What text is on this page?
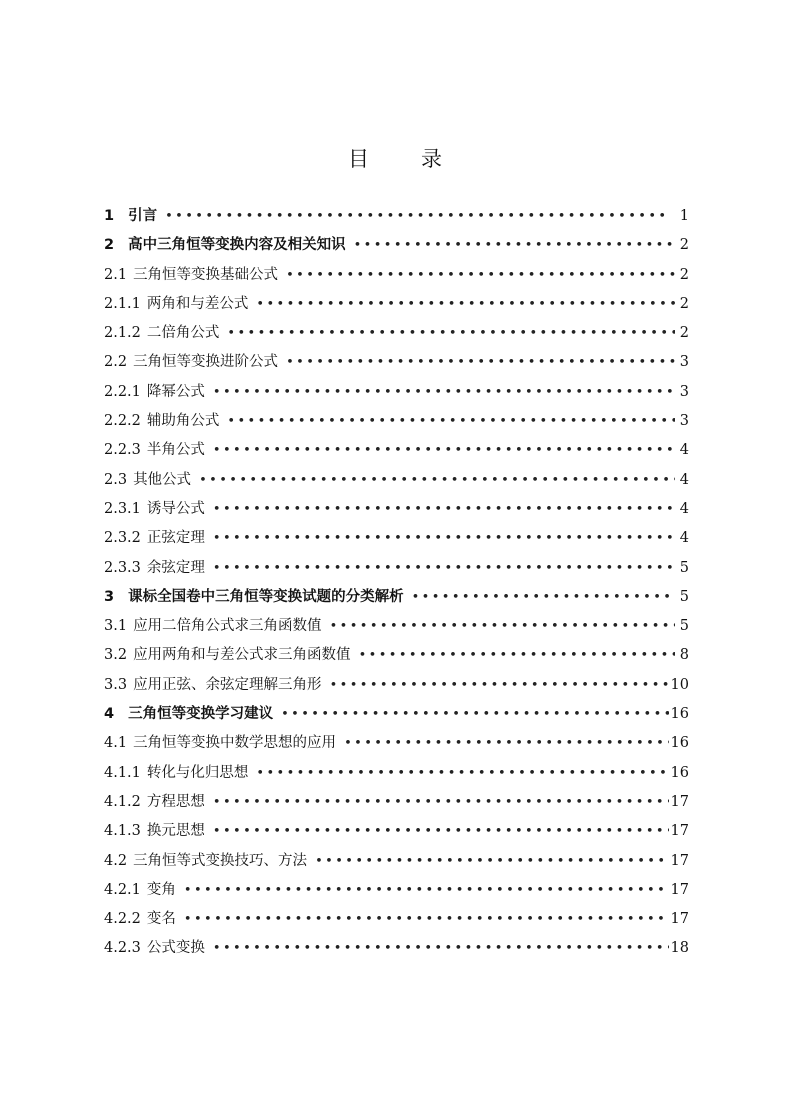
目 录
1 引言 •••••	1
2 高中三角恒等变换内容及相关知识 •••••	2
2.1 三角恒等变换基础公式 •••••	2
2.1.1 两角和与差公式 •••••	2
2.1.2 二倍角公式 •••••	2
2.2 三角恒等变换进阶公式 •••••	3
2.2.1 降幂公式 •••••	3
2.2.2 辅助角公式 •••••	3
2.2.3 半角公式 •••••	4
2.3 其他公式 •••••	4
2.3.1 诱导公式 •••••	4
2.3.2 正弦定理 •••••	4
2.3.3 余弦定理 •••••	5
3 课标全国卷中三角恒等变换试题的分类解析 •••••	5
3.1 应用二倍角公式求三角函数值 •••••	5
3.2 应用两角和与差公式求三角函数值 •••••	8
3.3 应用正弦、余弦定理解三角形 •••••	10
4 三角恒等变换学习建议 •••••	16
4.1 三角恒等变换中数学思想的应用 •••••	16
4.1.1 转化与化归思想 •••••	16
4.1.2 方程思想 •••••	17
4.1.3 换元思想 •••••	17
4.2 三角恒等式变换技巧、方法 •••••	17
4.2.1 变角 •••••	17
4.2.2 变名 •••••	17
4.2.3 公式变换 •••••	18
